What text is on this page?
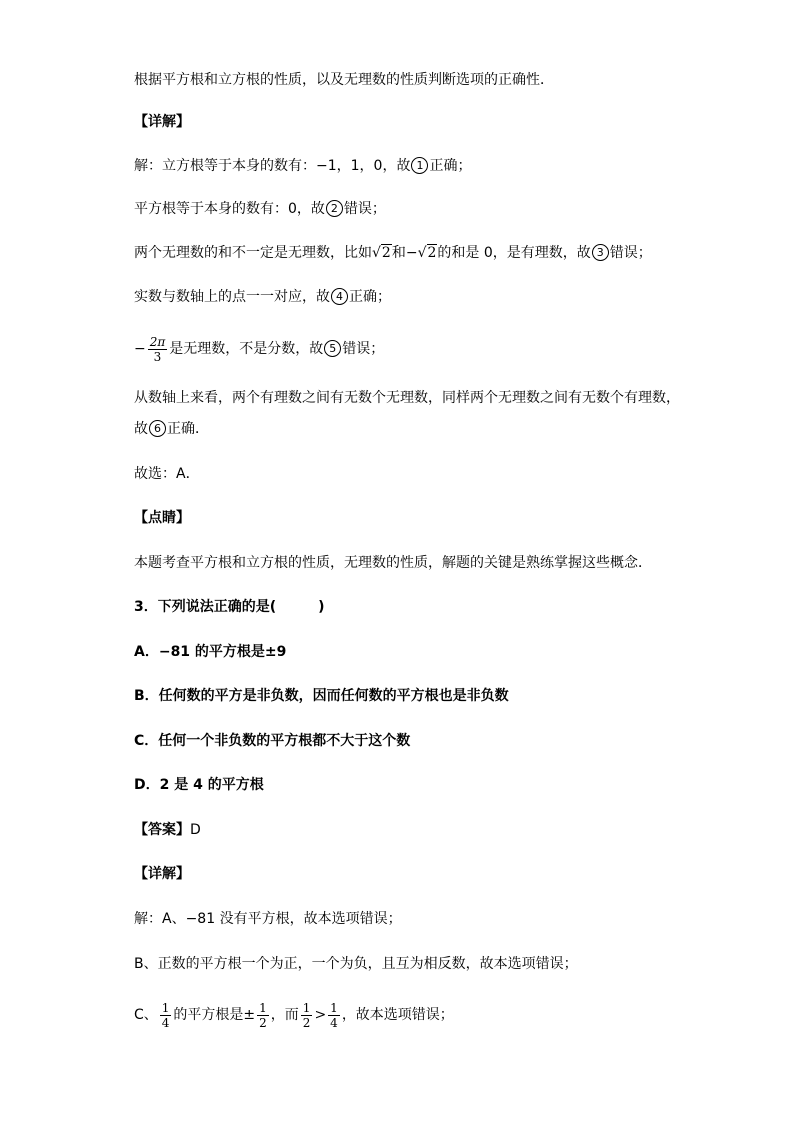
根据平方根和立方根的性质，以及无理数的性质判断选项的正确性．
【详解】
解：立方根等于本身的数有：−1，1，0，故 1 正确；
平方根等于本身的数有：0，故 2 错误；
两个无理数的和不一定是无理数，比如√2和−√2的和是 0，是有理数，故 3 错误；
实数与数轴上的点一一对应，故 4 正确；
− $\frac{2\pi}{3}$ 是无理数，不是分数，故 5 错误；
从数轴上来看，两个有理数之间有无数个无理数，同样两个无理数之间有无数个有理数，
故 6 正确．
故选：A．
【点睛】
本题考查平方根和立方根的性质，无理数的性质，解题的关键是熟练掌握这些概念．
3．下列说法正确的是(　　　)
A．−81 的平方根是±9
B．任何数的平方是非负数，因而任何数的平方根也是非负数
C．任何一个非负数的平方根都不大于这个数
D．2 是 4 的平方根
【答案】D
【详解】
解：A、−81 没有平方根，故本选项错误；
B、正数的平方根一个为正，一个为负，且互为相反数，故本选项错误；
C、 $\frac{1}{4}$ 的平方根是± $\frac{1}{2}$ ，而 $\frac{1}{2} > \frac{1}{4}$ ，故本选项错误；
